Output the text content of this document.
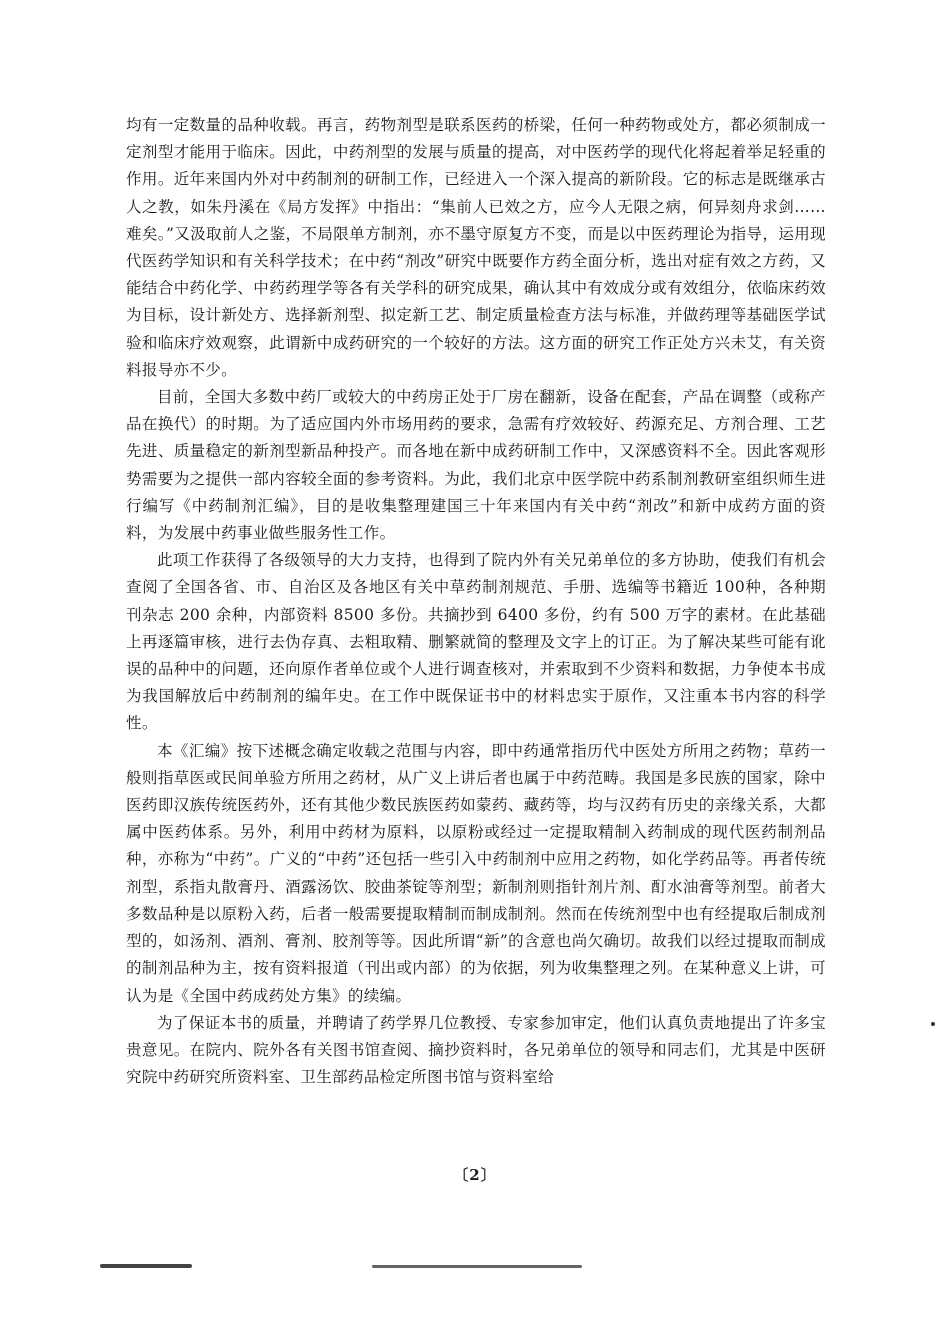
均有一定数量的品种收载。再言，药物剂型是联系医药的桥梁，任何一种药物或处方，都必须制成一定剂型才能用于临床。因此，中药剂型的发展与质量的提高，对中医药学的现代化将起着举足轻重的作用。近年来国内外对中药制剂的研制工作，已经进入一个深入提高的新阶段。它的标志是既继承古人之教，如朱丹溪在《局方发挥》中指出：“集前人已效之方，应今人无限之病，何异刻舟求剑……难矣。”又汲取前人之鉴，不局限单方制剂，亦不墨守原复方不变，而是以中医药理论为指导，运用现代医药学知识和有关科学技术；在中药“剂改”研究中既要作方药全面分析，选出对症有效之方药，又能结合中药化学、中药药理学等各有关学科的研究成果，确认其中有效成分或有效组分，依临床药效为目标，设计新处方、选择新剂型、拟定新工艺、制定质量检查方法与标准，并做药理等基础医学试验和临床疗效观察，此谓新中成药研究的一个较好的方法。这方面的研究工作正处方兴未艾，有关资料报导亦不少。

目前，全国大多数中药厂或较大的中药房正处于厂房在翻新，设备在配套，产品在调整（或称产品在换代）的时期。为了适应国内外市场用药的要求，急需有疗效较好、药源充足、方剂合理、工艺先进、质量稳定的新剂型新品种投产。而各地在新中成药研制工作中，又深感资料不全。因此客观形势需要为之提供一部内容较全面的参考资料。为此，我们北京中医学院中药系制剂教研室组织师生进行编写《中药制剂汇编》，目的是收集整理建国三十年来国内有关中药“剂改”和新中成药方面的资料，为发展中药事业做些服务性工作。

此项工作获得了各级领导的大力支持，也得到了院内外有关兄弟单位的多方协助，使我们有机会查阅了全国各省、市、自治区及各地区有关中草药制剂规范、手册、选编等书籍近 100种，各种期刊杂志 200 余种，内部资料 8500 多份。共摘抄到 6400 多份，约有 500 万字的素材。在此基础上再逐篇审核，进行去伪存真、去粗取精、删繁就简的整理及文字上的订正。为了解决某些可能有讹误的品种中的问题，还向原作者单位或个人进行调查核对，并索取到不少资料和数据，力争使本书成为我国解放后中药制剂的编年史。在工作中既保证书中的材料忠实于原作，又注重本书内容的科学性。

本《汇编》按下述概念确定收载之范围与内容，即中药通常指历代中医处方所用之药物；草药一般则指草医或民间单验方所用之药材，从广义上讲后者也属于中药范畴。我国是多民族的国家，除中医药即汉族传统医药外，还有其他少数民族医药如蒙药、藏药等，均与汉药有历史的亲缘关系，大都属中医药体系。另外，利用中药材为原料，以原粉或经过一定提取精制入药制成的现代医药制剂品种，亦称为“中药”。广义的“中药”还包括一些引入中药制剂中应用之药物，如化学药品等。再者传统剂型，系指丸散膏丹、酒露汤饮、胶曲茶锭等剂型；新制剂则指针剂片剂、酊水油膏等剂型。前者大多数品种是以原粉入药，后者一般需要提取精制而制成制剂。然而在传统剂型中也有经提取后制成剂型的，如汤剂、酒剂、膏剂、胶剂等等。因此所谓“新”的含意也尚欠确切。故我们以经过提取而制成的制剂品种为主，按有资料报道（刊出或内部）的为依据，列为收集整理之列。在某种意义上讲，可认为是《全国中药成药处方集》的续编。

为了保证本书的质量，并聘请了药学界几位教授、专家参加审定，他们认真负责地提出了许多宝贵意见。在院内、院外各有关图书馆查阅、摘抄资料时，各兄弟单位的领导和同志们，尤其是中医研究院中药研究所资料室、卫生部药品检定所图书馆与资料室给

〔2〕
